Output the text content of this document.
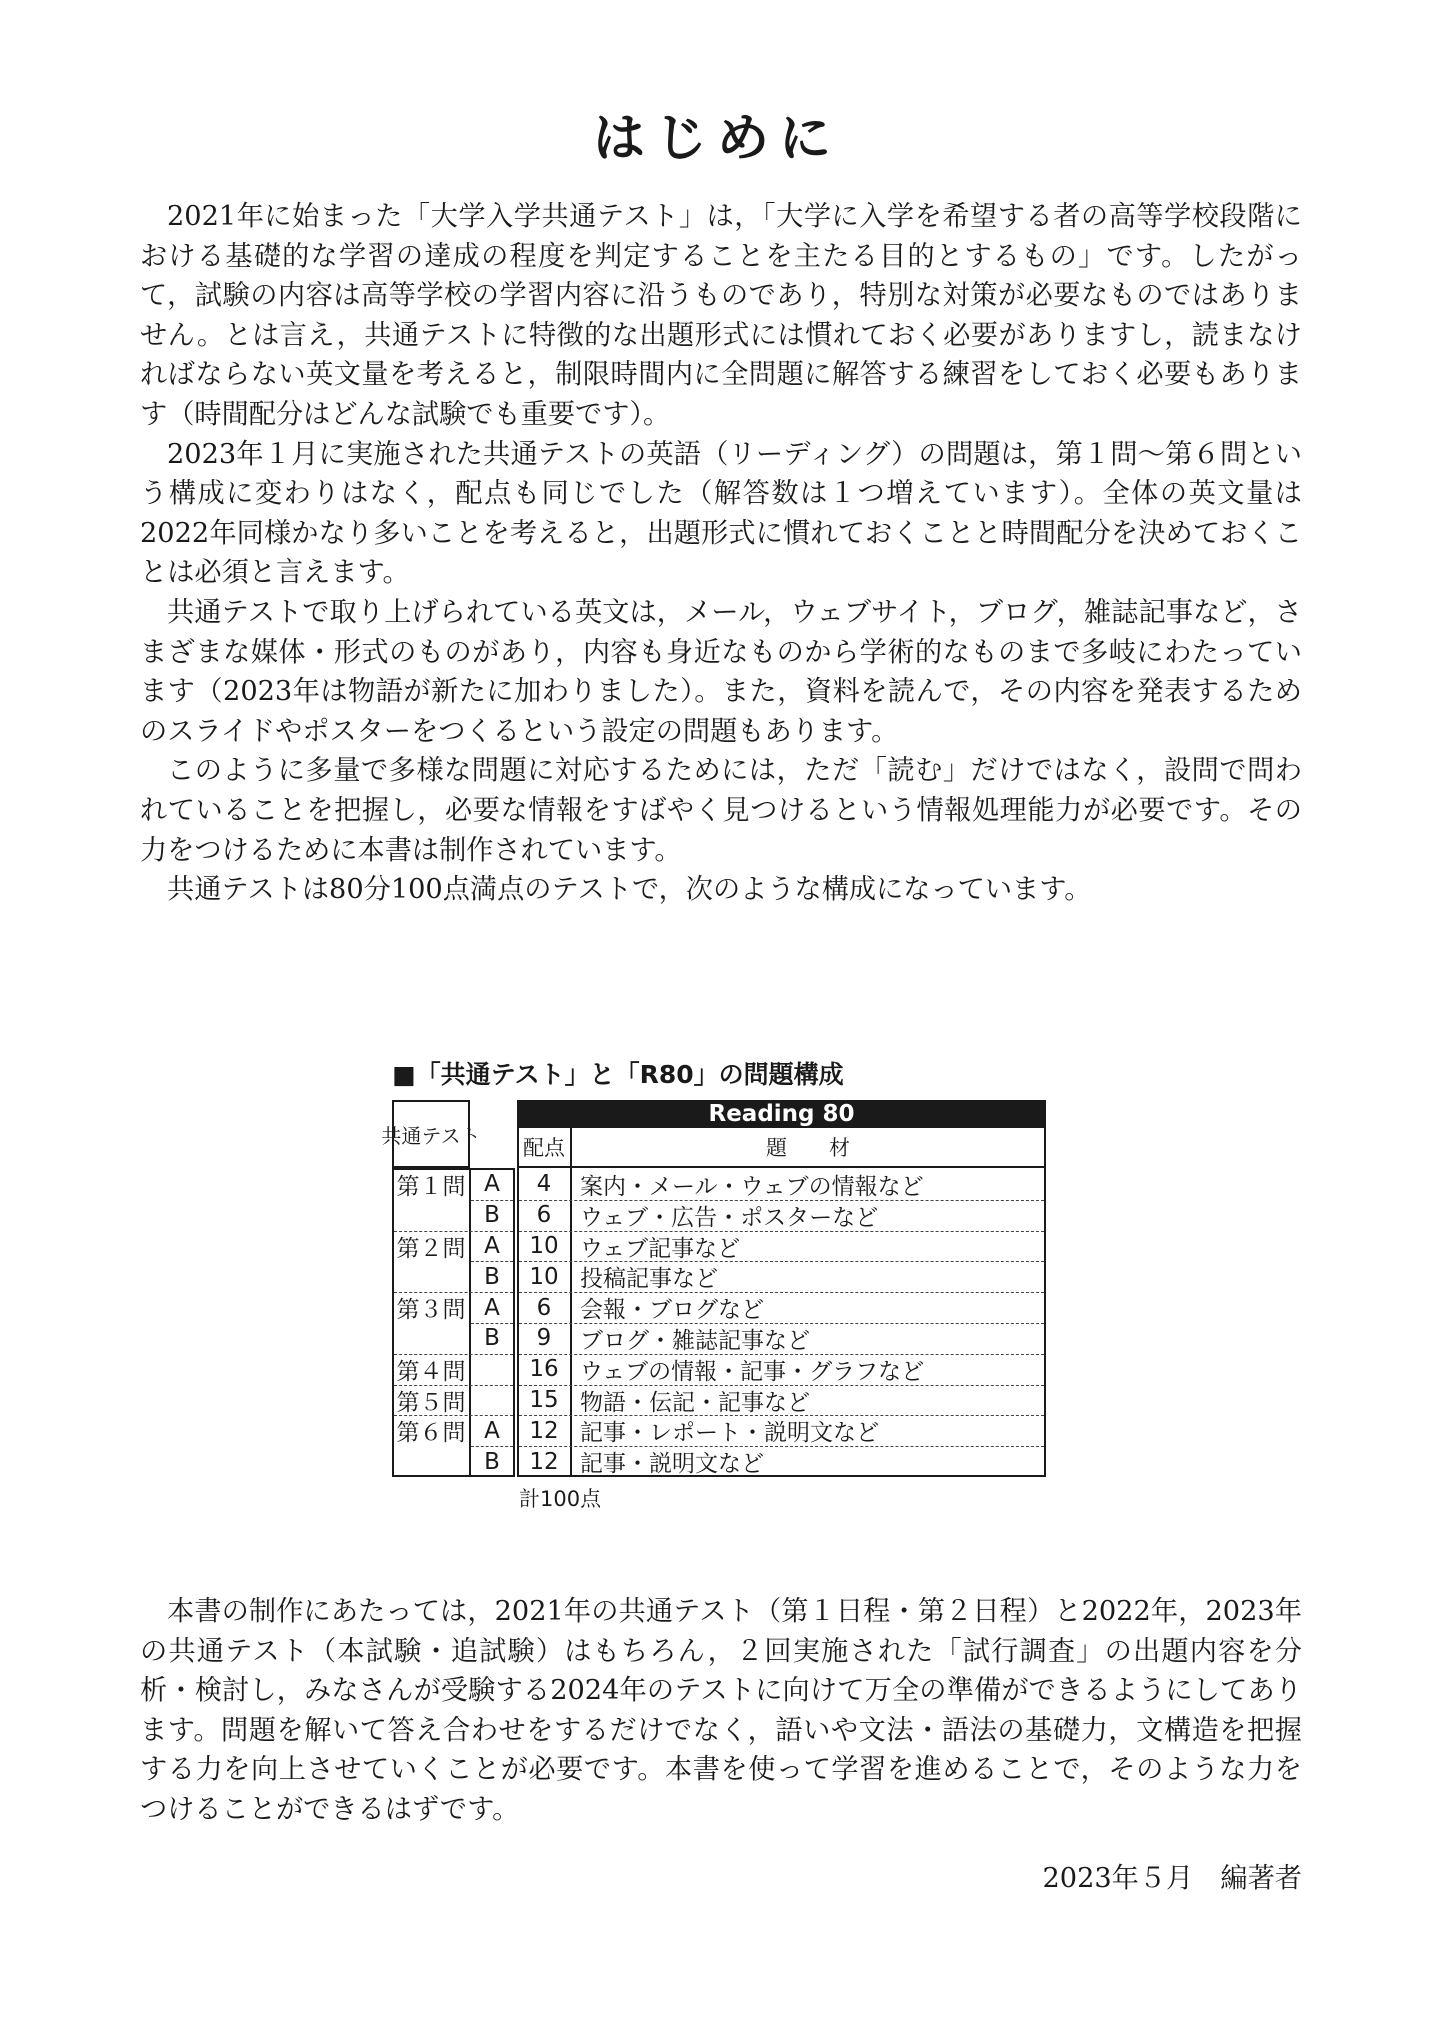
はじめに

2021年に始まった「大学入学共通テスト」は，「大学に入学を希望する者の高等学校段階における基礎的な学習の達成の程度を判定することを主たる目的とするもの」です。したがって，試験の内容は高等学校の学習内容に沿うものであり，特別な対策が必要なものではありません。とは言え，共通テストに特徴的な出題形式には慣れておく必要がありますし，読まなければならない英文量を考えると，制限時間内に全問題に解答する練習をしておく必要もあります（時間配分はどんな試験でも重要です）。

2023年１月に実施された共通テストの英語（リーディング）の問題は，第１問～第６問という構成に変わりはなく，配点も同じでした（解答数は１つ増えています）。全体の英文量は2022年同様かなり多いことを考えると，出題形式に慣れておくことと時間配分を決めておくことは必須と言えます。

共通テストで取り上げられている英文は，メール，ウェブサイト，ブログ，雑誌記事など，さまざまな媒体・形式のものがあり，内容も身近なものから学術的なものまで多岐にわたっています（2023年は物語が新たに加わりました）。また，資料を読んで，その内容を発表するためのスライドやポスターをつくるという設定の問題もあります。

このように多量で多様な問題に対応するためには，ただ「読む」だけではなく，設問で問われていることを把握し，必要な情報をすばやく見つけるという情報処理能力が必要です。その力をつけるために本書は制作されています。

共通テストは80分100点満点のテストで，次のような構成になっています。

■「共通テスト」と「R80」の問題構成

共通テスト
Reading 80
配点	題　　材
第１問 A	4	案内・メール・ウェブの情報など
B	6	ウェブ・広告・ポスターなど
第２問 A	10 ウェブ記事など
B	10 投稿記事など
第３問 A	6	会報・ブログなど
B	9	ブログ・雑誌記事など
第４問	16 ウェブの情報・記事・グラフなど
第５問	15 物語・伝記・記事など
第６問 A	12 記事・レポート・説明文など
B	12 記事・説明文など

計100点

本書の制作にあたっては，2021年の共通テスト（第１日程・第２日程）と2022年，2023年の共通テスト（本試験・追試験）はもちろん，２回実施された「試行調査」の出題内容を分析・検討し，みなさんが受験する2024年のテストに向けて万全の準備ができるようにしてあります。問題を解いて答え合わせをするだけでなく，語いや文法・語法の基礎力，文構造を把握する力を向上させていくことが必要です。本書を使って学習を進めることで，そのような力をつけることができるはずです。

2023年５月　編著者
